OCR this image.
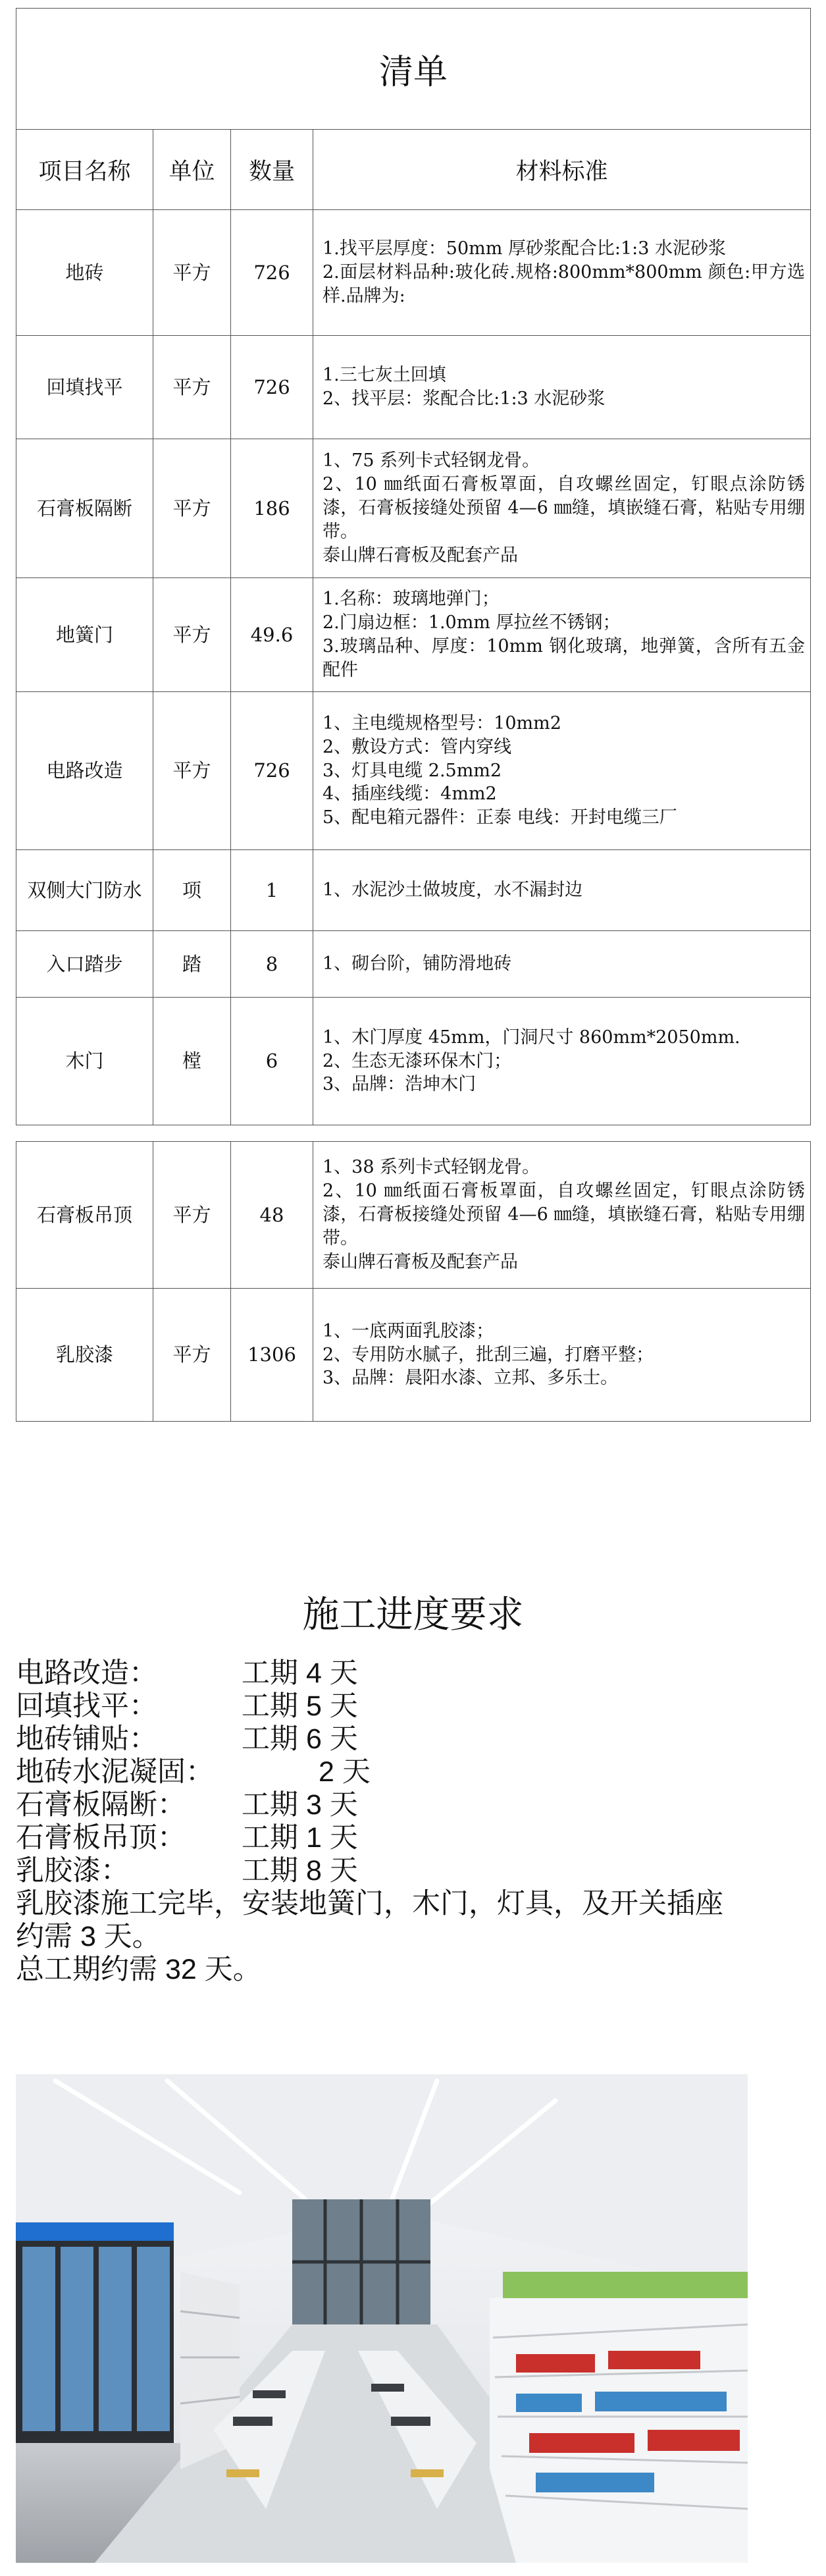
清单			
项目名称	单位	数量	材料标准
地砖	平方	726	1.找平层厚度：50mm 厚砂浆配合比:1:3 水泥砂浆
2.面层材料品种:玻化砖.规格:800mm*800mm 颜色:甲方选样.品牌为:

回填找平	平方	726	1.三七灰土回填
2、找平层：浆配合比:1:3 水泥砂浆

石膏板隔断	平方	186	1、75 系列卡式轻钢龙骨。
2、10 ㎜纸面石膏板罩面，自攻螺丝固定，钉眼点涂防锈漆，石膏板接缝处预留 4—6 ㎜缝，填嵌缝石膏，粘贴专用绷带。
泰山牌石膏板及配套产品

地簧门	平方	49.6	1.名称：玻璃地弹门；
2.门扇边框：1.0mm 厚拉丝不锈钢；
3.玻璃品种、厚度：10mm 钢化玻璃，地弹簧，含所有五金配件

电路改造	平方	726	1、主电缆规格型号：10mm2
2、敷设方式：管内穿线
3、灯具电缆 2.5mm2
4、插座线缆：4mm2
5、配电箱元器件：正泰 电线：开封电缆三厂

双侧大门防水	项	1	1、水泥沙土做坡度，水不漏封边

入口踏步	踏	8	1、砌台阶，铺防滑地砖

木门	樘	6	1、木门厚度 45mm，门洞尺寸 860mm*2050mm.
2、生态无漆环保木门；
3、品牌：浩坤木门
石膏板吊顶	平方	48	1、38 系列卡式轻钢龙骨。
2、10 ㎜纸面石膏板罩面，自攻螺丝固定，钉眼点涂防锈漆，石膏板接缝处预留 4—6 ㎜缝，填嵌缝石膏，粘贴专用绷带。
泰山牌石膏板及配套产品

乳胶漆	平方	1306	1、一底两面乳胶漆；
2、专用防水腻子，批刮三遍，打磨平整；
3、品牌：晨阳水漆、立邦、多乐士。
施工进度要求
电路改造：	工期 4 天
回填找平：	工期 5 天
地砖铺贴：	工期 6 天
地砖水泥凝固：	2 天
石膏板隔断： 工期 3 天
石膏板吊顶： 工期 1 天
乳胶漆：	工期 8 天
乳胶漆施工完毕，安装地簧门，木门，灯具，及开关插座
约需 3 天。
总工期约需 32 天。
